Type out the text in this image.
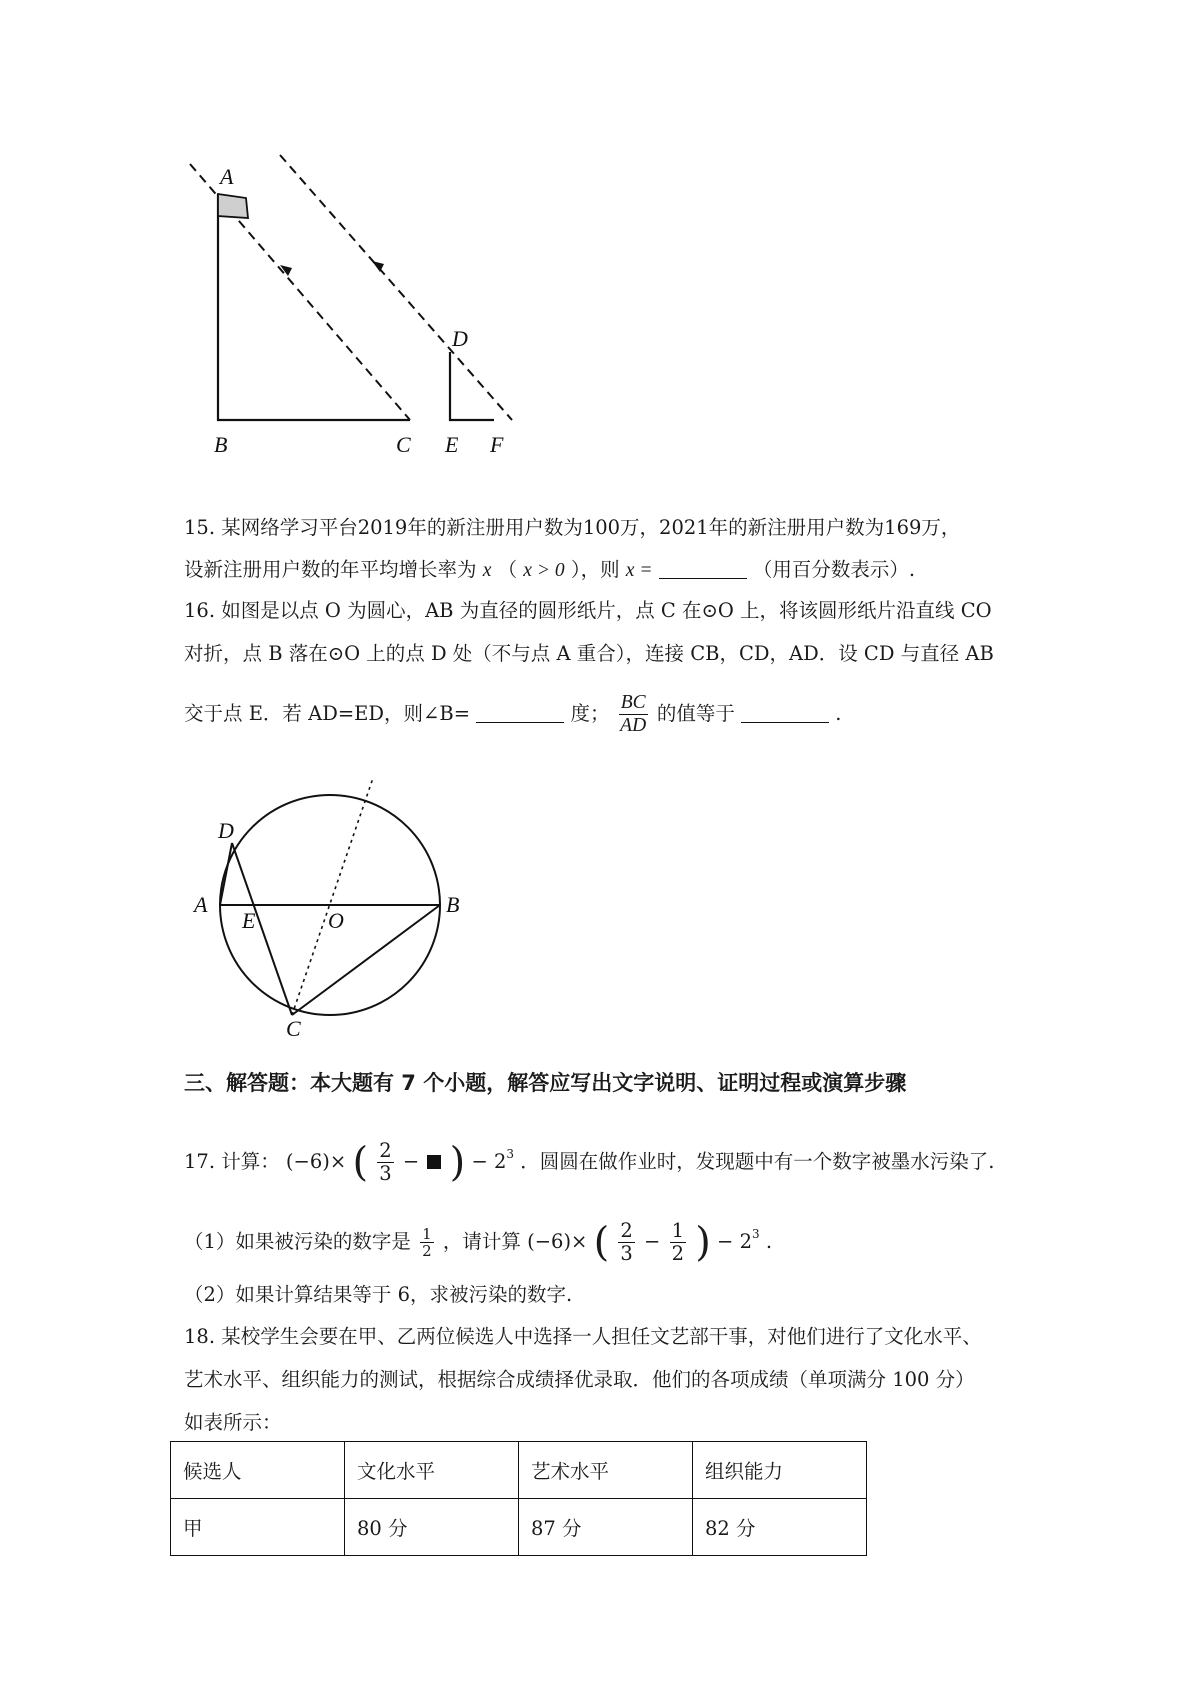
A
B	C
D
E F
15. 某网络学习平台2019年的新注册用户数为100万，2021年的新注册用户数为169万，
设新注册用户数的年平均增长率为 x （ x > 0 ），则 x =	（用百分数表示）.
16. 如图是以点 O 为圆心，AB 为直径的圆形纸片，点 C 在⊙O 上，将该圆形纸片沿直线 CO
对折，点 B 落在⊙O 上的点 D 处（不与点 A 重合），连接 CB，CD，AD．设 CD 与直径 AB
交于点 E．若 AD=ED，则∠B=	度； $\frac{BC}{AD}$ 的值等于	.
D
A
E	O
B
C
三、解答题：本大题有 7 个小题，解答应写出文字说明、证明过程或演算步骤
17. 计算： (−6)× ( $\frac{2}{3}$ − ) − $2^3$ ．圆圆在做作业时，发现题中有一个数字被墨水污染了.
（1）如果被污染的数字是 $\frac{1}{2}$ ，请计算 (−6)× ( $\frac{2}{3} - \frac{1}{2}$ ) − $2^3$ .
（2）如果计算结果等于 6，求被污染的数字.
18. 某校学生会要在甲、乙两位候选人中选择一人担任文艺部干事，对他们进行了文化水平、
艺术水平、组织能力的测试，根据综合成绩择优录取．他们的各项成绩（单项满分 100 分）
如表所示：
候选人	文化水平	艺术水平	组织能力
甲	80 分	87 分	82 分
